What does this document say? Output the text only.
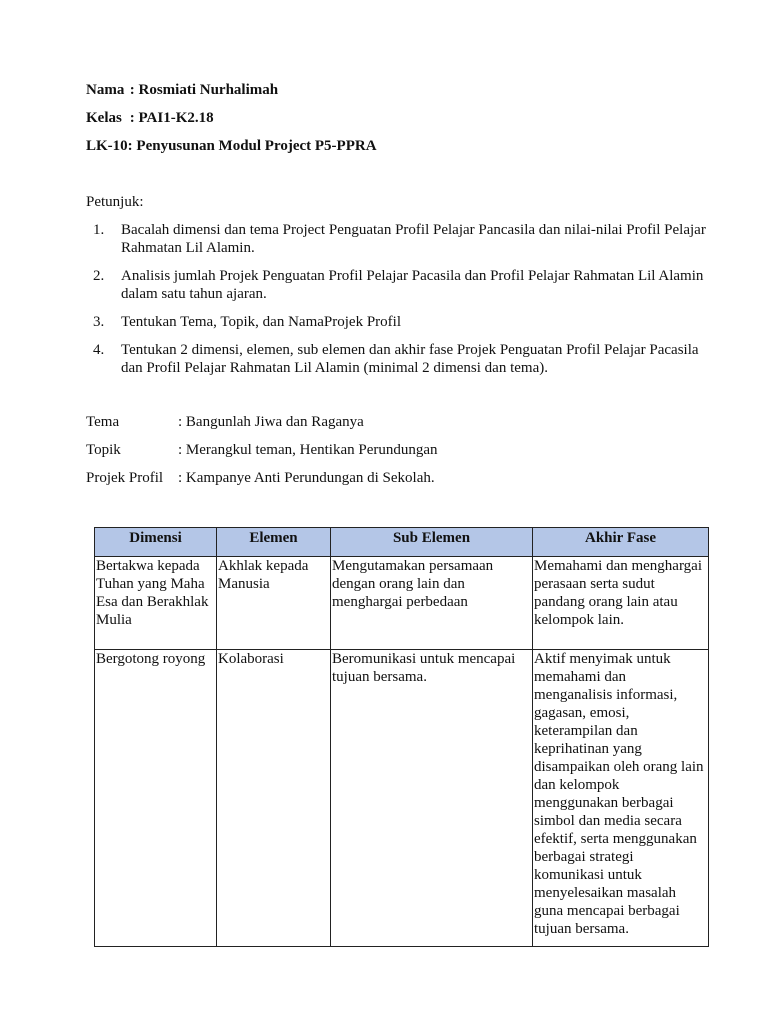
Nama : Rosmiati Nurhalimah

Kelas : PAI1-K2.18

LK-10: Penyusunan Modul Project P5-PPRA

Petunjuk:
1. Bacalah dimensi dan tema Project Penguatan Profil Pelajar Pancasila dan nilai-nilai Profil Pelajar Rahmatan Lil Alamin.
2. Analisis jumlah Projek Penguatan Profil Pelajar Pacasila dan Profil Pelajar Rahmatan Lil Alamin dalam satu tahun ajaran.
3. Tentukan Tema, Topik, dan NamaProjek Profil
4. Tentukan 2 dimensi, elemen, sub elemen dan akhir fase Projek Penguatan Profil Pelajar Pacasila dan Profil Pelajar Rahmatan Lil Alamin (minimal 2 dimensi dan tema).
Tema	: Bangunlah Jiwa dan Raganya
Topik	: Merangkul teman, Hentikan Perundungan
Projek Profil : Kampanye Anti Perundungan di Sekolah.
Dimensi	Elemen	Sub Elemen	Akhir Fase
Bertakwa kepada Tuhan yang Maha Esa dan Berakhlak Mulia	Akhlak kepada Manusia	Mengutamakan persamaan dengan orang lain dan menghargai perbedaan	Memahami dan menghargai perasaan serta sudut pandang orang lain atau kelompok lain.
Bergotong royong	Kolaborasi	Beromunikasi untuk mencapai tujuan bersama.	Aktif menyimak untuk memahami dan menganalisis informasi, gagasan, emosi, keterampilan dan keprihatinan yang disampaikan oleh orang lain dan kelompok menggunakan berbagai simbol dan media secara efektif, serta menggunakan berbagai strategi komunikasi untuk menyelesaikan masalah guna mencapai berbagai tujuan bersama.
